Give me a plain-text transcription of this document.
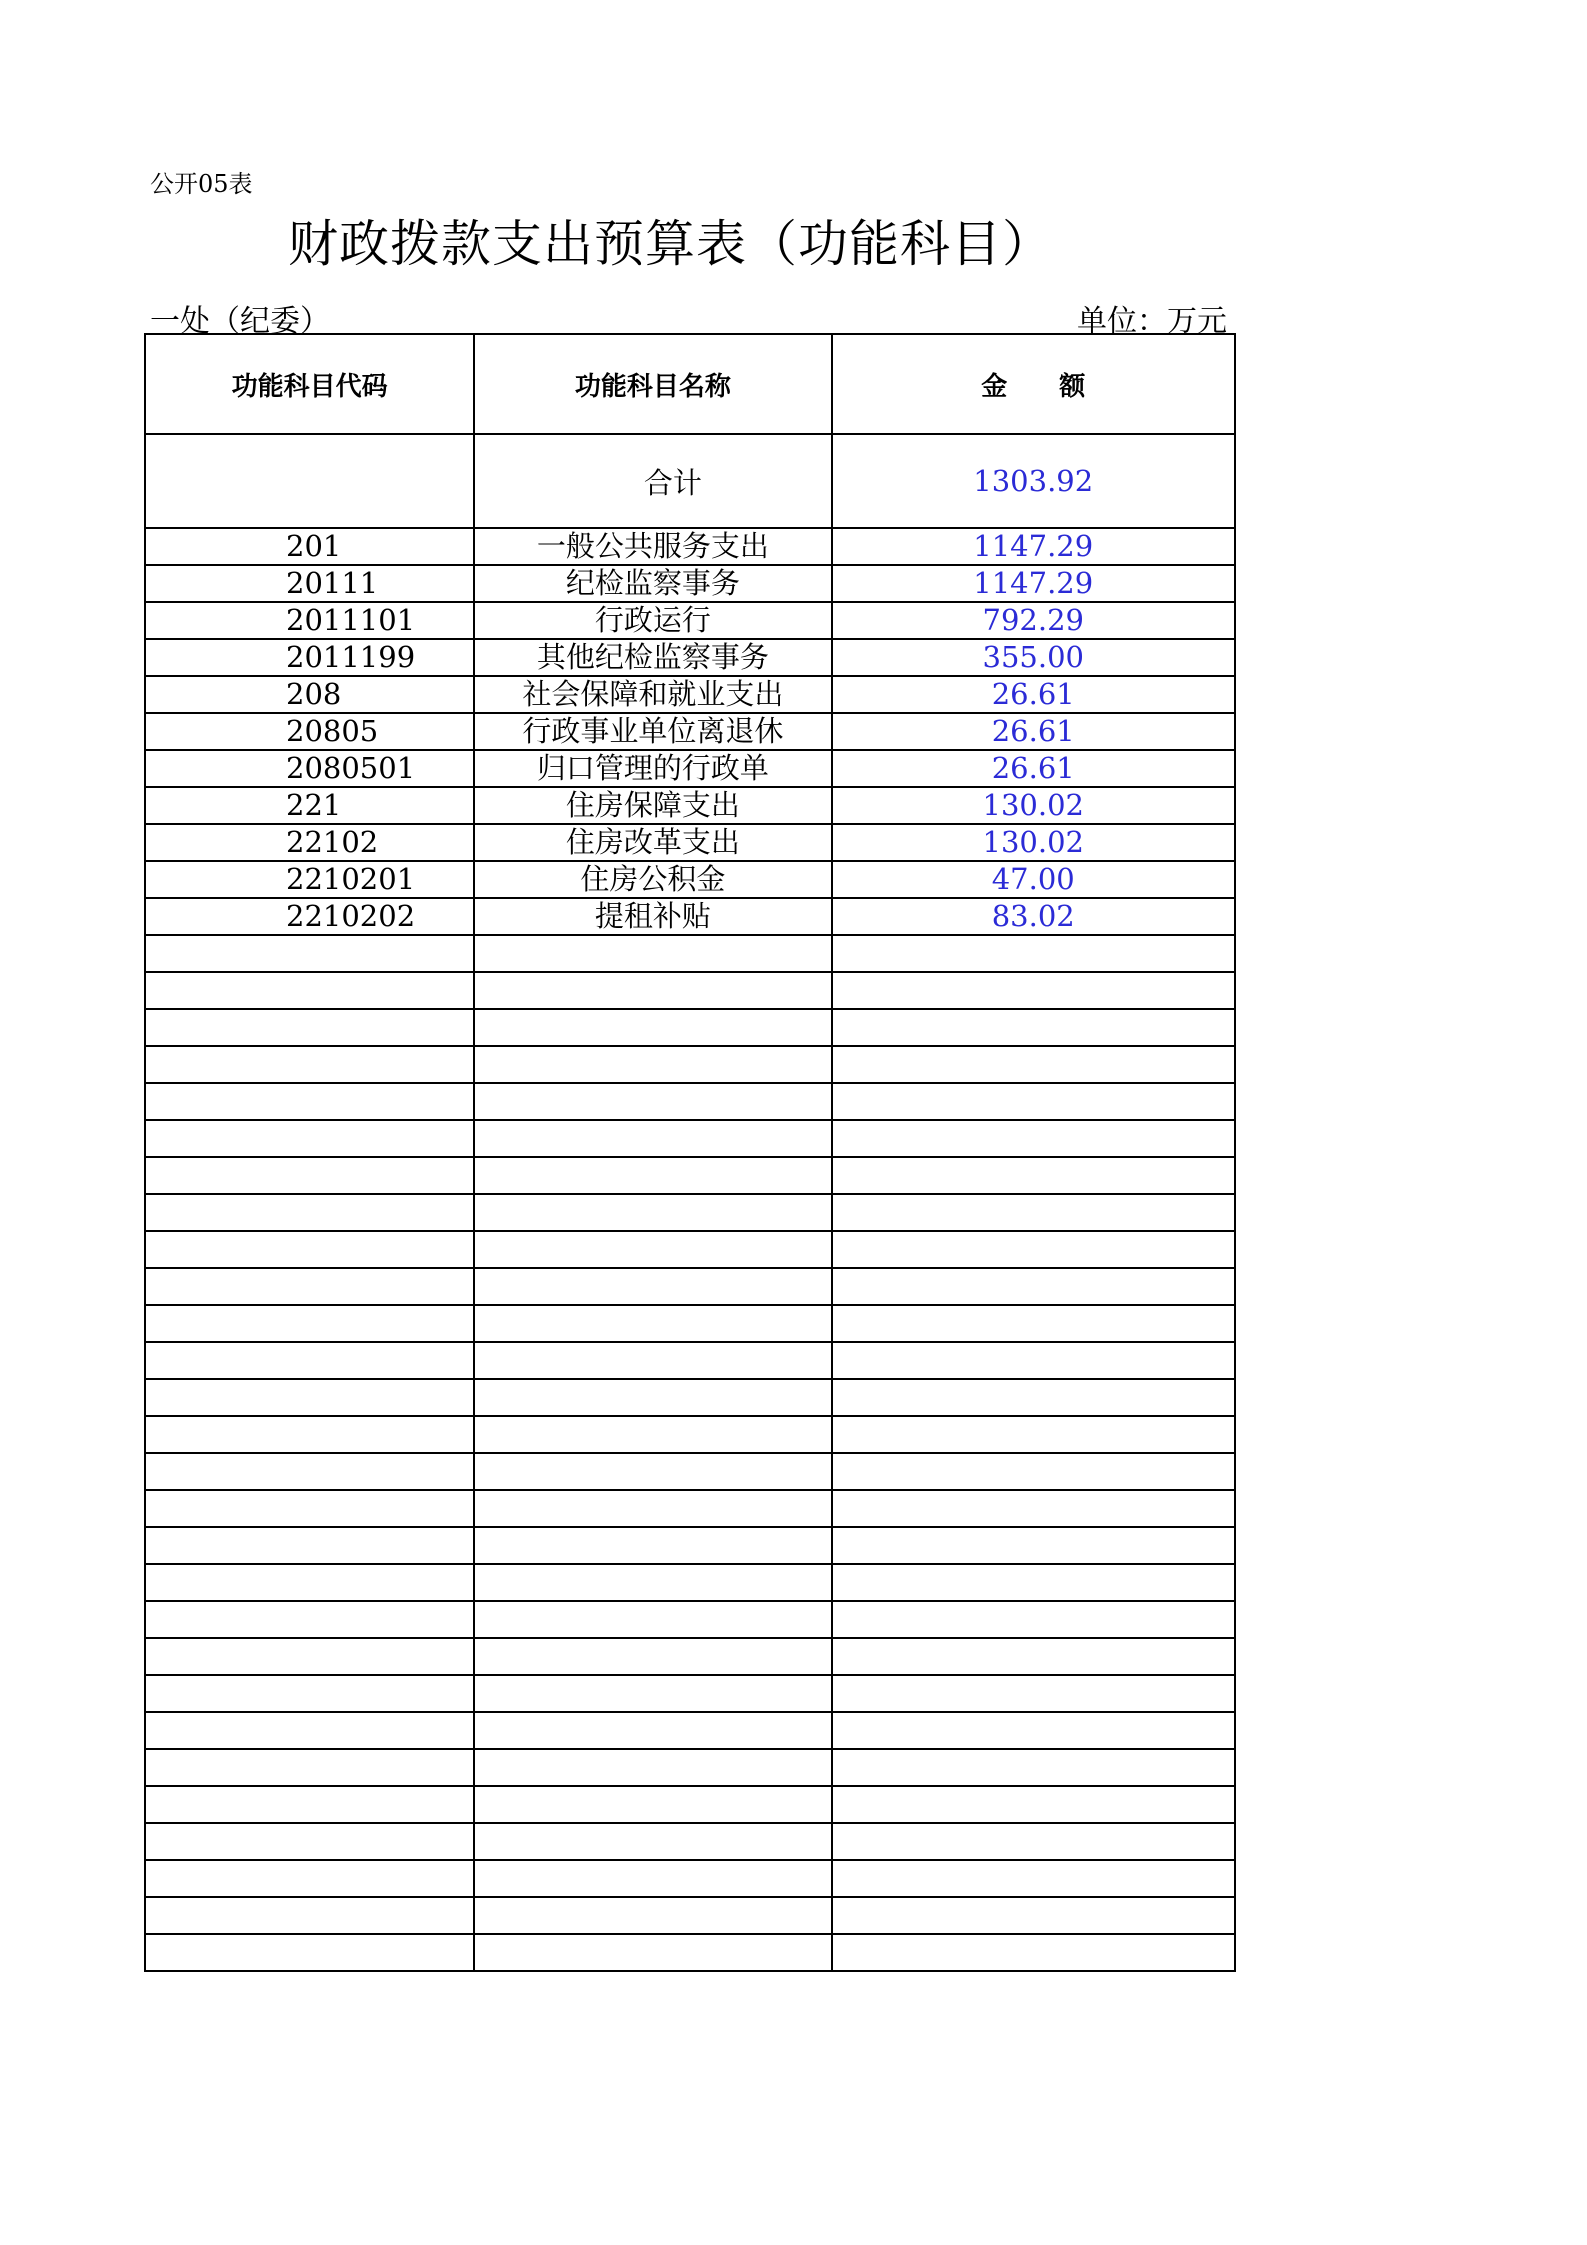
公开05表
财政拨款支出预算表（功能科目）
一处（纪委）	单位：万元
功能科目代码	功能科目名称	金　　额
	合计	1303.92
201	一般公共服务支出	1147.29
20111	纪检监察事务	1147.29
2011101	行政运行	792.29
2011199	其他纪检监察事务	355.00
208	社会保障和就业支出	26.61
20805	行政事业单位离退休	26.61
2080501	归口管理的行政单	26.61
221	住房保障支出	130.02
22102	住房改革支出	130.02
2210201	住房公积金	47.00
2210202	提租补贴	83.02
